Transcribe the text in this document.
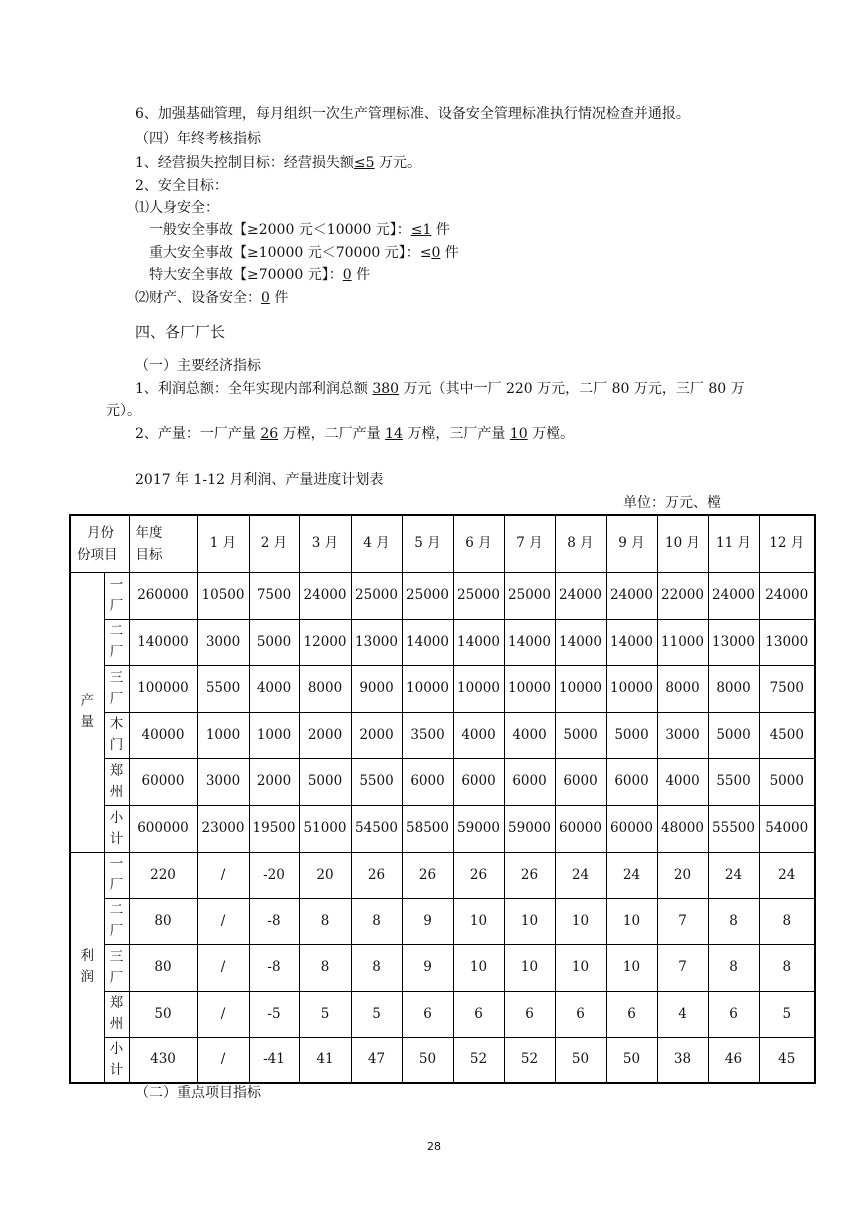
6、加强基础管理，每月组织一次生产管理标准、设备安全管理标准执行情况检查并通报。
（四）年终考核指标
1、经营损失控制目标：经营损失额≤5 万元。
2、安全目标：
⑴人身安全：
一般安全事故【≥2000 元＜10000 元】：≤1 件
重大安全事故【≥10000 元＜70000 元】：≤0 件
特大安全事故【≥70000 元】：0 件
⑵财产、设备安全：0 件
四、各厂厂长
（一）主要经济指标
1、利润总额：全年实现内部利润总额 380 万元（其中一厂 220 万元，二厂 80 万元，三厂 80 万
元）。
2、产量：一厂产量 26 万樘，二厂产量 14 万樘，三厂产量 10 万樘。
2017 年 1-12 月利润、产量进度计划表
单位：万元、樘
月份
份项目		年度目标	1 月	2 月	3 月	4 月	5 月	6 月	7 月	8 月	9 月	10 月	11 月	12 月

产量	一厂	260000	10500	7500	24000	25000	25000	25000	25000	24000	24000	22000	24000	24000

	二厂	140000	3000	5000	12000	13000	14000	14000	14000	14000	14000	11000	13000	13000

	三厂	100000	5500	4000	8000	9000	10000	10000	10000	10000	10000	8000	8000	7500

	木门	40000	1000	1000	2000	2000	3500	4000	4000	5000	5000	3000	5000	4500

	郑州	60000	3000	2000	5000	5500	6000	6000	6000	6000	6000	4000	5500	5000

	小计	600000	23000	19500	51000	54500	58500	59000	59000	60000	60000	48000	55500	54000

利润	一厂	220	/	-20	20	26	26	26	26	24	24	20	24	24

	二厂	80	/	-8	8	8	9	10	10	10	10	7	8	8

	三厂	80	/	-8	8	8	9	10	10	10	10	7	8	8

	郑州	50	/	-5	5	5	6	6	6	6	6	4	6	5

	小计	430	/	-41	41	47	50	52	52	50	50	38	46	45
（二）重点项目指标
28
